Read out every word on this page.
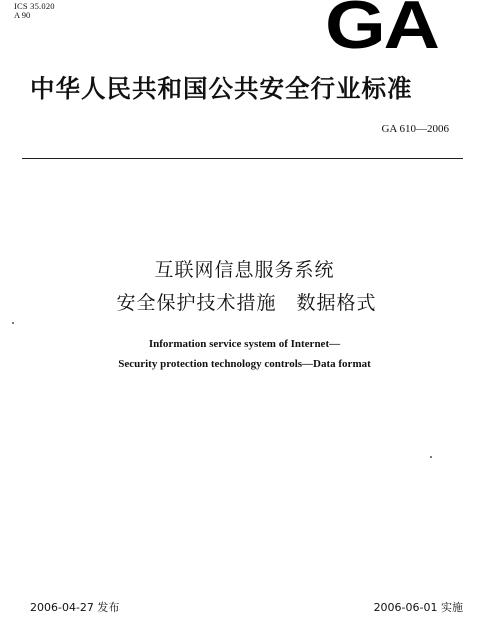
ICS 35.020
A 90	GA
中华人民共和国公共安全行业标准
GA 610—2006
互联网信息服务系统
安全保护技术措施　数据格式
Information service system of Internet—
Security protection technology controls—Data format
2006-04-27 发布	2006-06-01 实施
